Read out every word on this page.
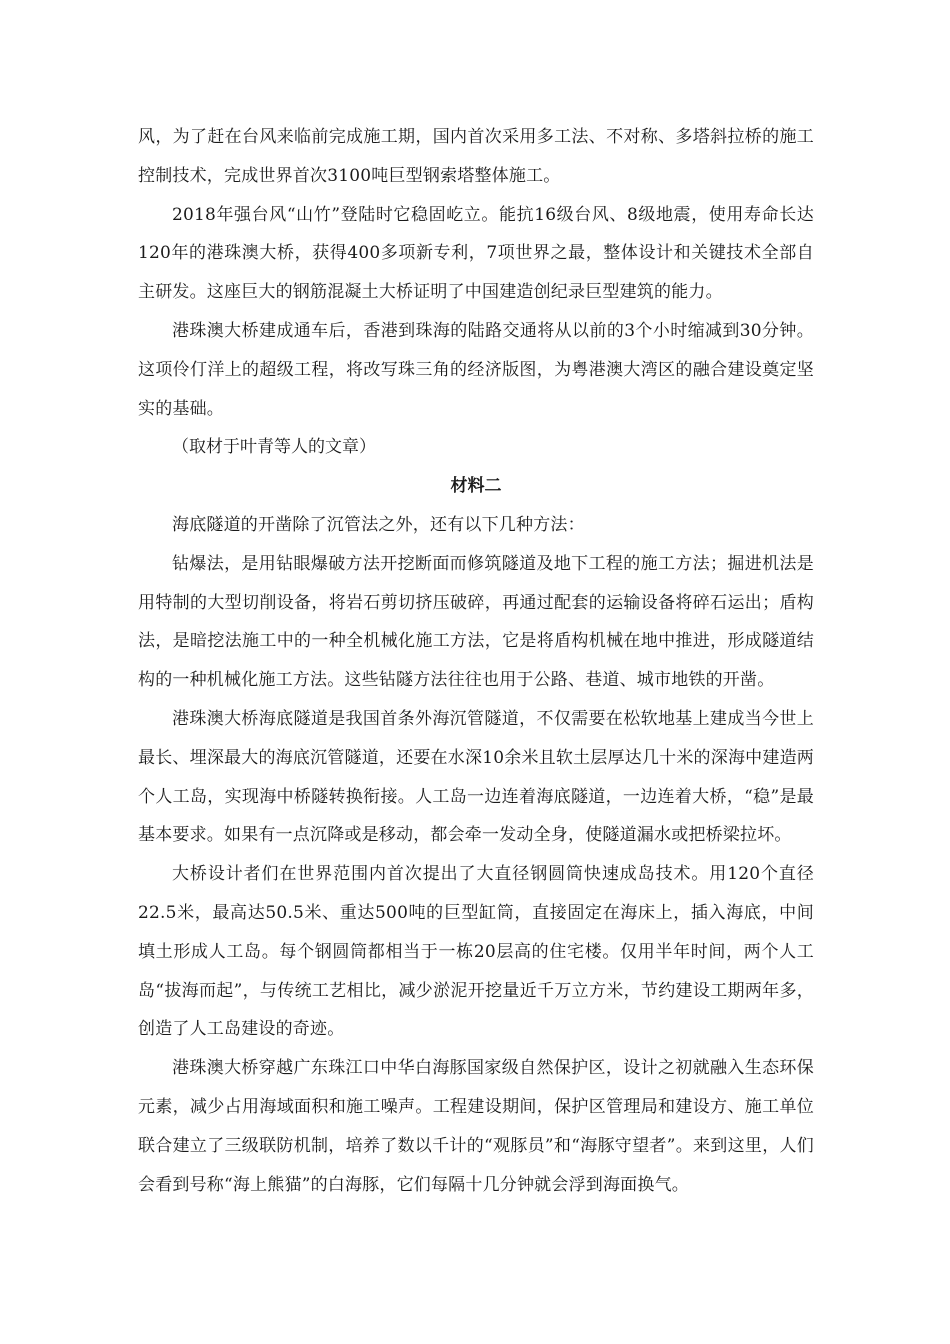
风，为了赶在台风来临前完成施工期，国内首次采用多工法、不对称、多塔斜拉桥的施工控制技术，完成世界首次3100吨巨型钢索塔整体施工。

2018年强台风“山竹”登陆时它稳固屹立。能抗16级台风、8级地震，使用寿命长达120年的港珠澳大桥，获得400多项新专利，7项世界之最，整体设计和关键技术全部自主研发。这座巨大的钢筋混凝土大桥证明了中国建造创纪录巨型建筑的能力。

港珠澳大桥建成通车后，香港到珠海的陆路交通将从以前的3个小时缩减到30分钟。这项伶仃洋上的超级工程，将改写珠三角的经济版图，为粤港澳大湾区的融合建设奠定坚实的基础。

（取材于叶青等人的文章）

材料二

海底隧道的开凿除了沉管法之外，还有以下几种方法：

钻爆法，是用钻眼爆破方法开挖断面而修筑隧道及地下工程的施工方法；掘进机法是用特制的大型切削设备，将岩石剪切挤压破碎，再通过配套的运输设备将碎石运出；盾构法，是暗挖法施工中的一种全机械化施工方法，它是将盾构机械在地中推进，形成隧道结构的一种机械化施工方法。这些钻隧方法往往也用于公路、巷道、城市地铁的开凿。

港珠澳大桥海底隧道是我国首条外海沉管隧道，不仅需要在松软地基上建成当今世上最长、埋深最大的海底沉管隧道，还要在水深10余米且软土层厚达几十米的深海中建造两个人工岛，实现海中桥隧转换衔接。人工岛一边连着海底隧道，一边连着大桥，“稳”是最基本要求。如果有一点沉降或是移动，都会牵一发动全身，使隧道漏水或把桥梁拉坏。

大桥设计者们在世界范围内首次提出了大直径钢圆筒快速成岛技术。用120个直径22.5米，最高达50.5米、重达500吨的巨型缸筒，直接固定在海床上，插入海底，中间填土形成人工岛。每个钢圆筒都相当于一栋20层高的住宅楼。仅用半年时间，两个人工岛“拔海而起”，与传统工艺相比，减少淤泥开挖量近千万立方米，节约建设工期两年多，创造了人工岛建设的奇迹。

港珠澳大桥穿越广东珠江口中华白海豚国家级自然保护区，设计之初就融入生态环保元素，减少占用海域面积和施工噪声。工程建设期间，保护区管理局和建设方、施工单位联合建立了三级联防机制，培养了数以千计的“观豚员”和“海豚守望者”。来到这里，人们会看到号称“海上熊猫”的白海豚，它们每隔十几分钟就会浮到海面换气。
